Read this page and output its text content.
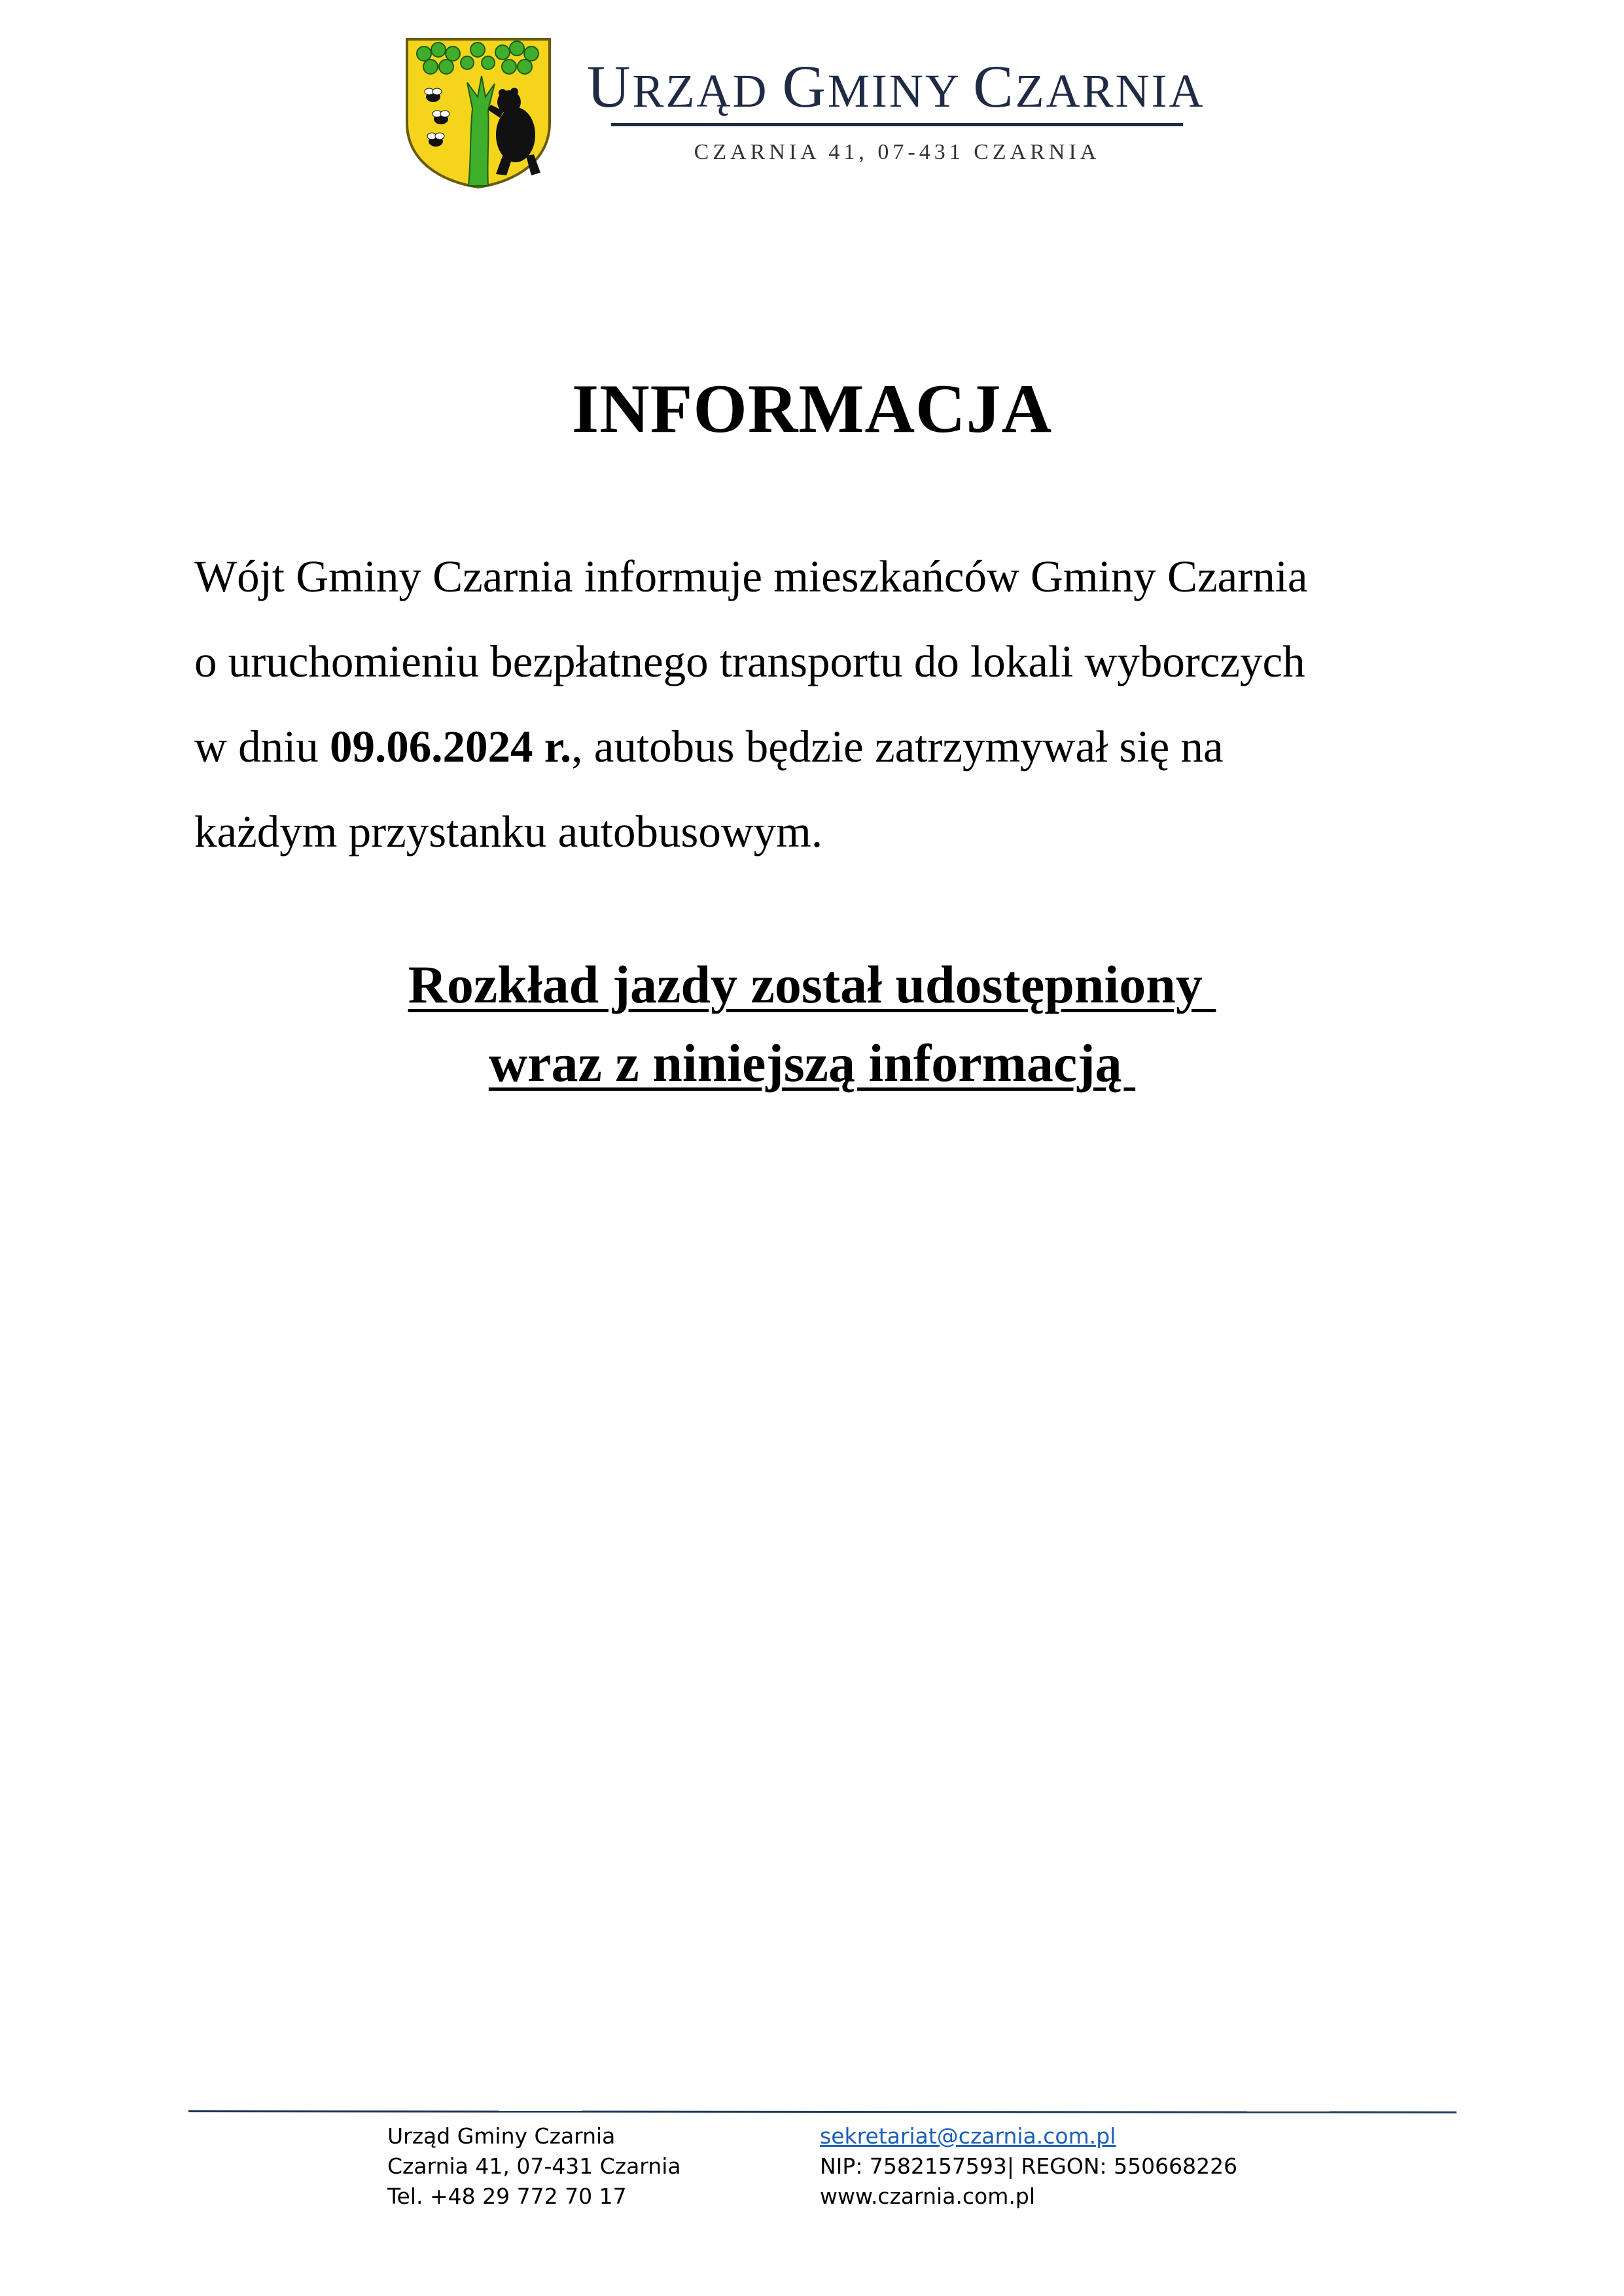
URZĄD GMINY CZARNIA
CZARNIA 41, 07-431 CZARNIA
INFORMACJA
Wójt Gminy Czarnia informuje mieszkańców Gminy Czarnia
o uruchomieniu bezpłatnego transportu do lokali wyborczych
w dniu 09.06.2024 r., autobus będzie zatrzymywał się na
każdym przystanku autobusowym.
Rozkład jazdy został udostępniony
wraz z niniejszą informacją
Urząd Gminy Czarnia
Czarnia 41, 07-431 Czarnia
Tel. +48 29 772 70 17
sekretariat@czarnia.com.pl
NIP: 7582157593| REGON: 550668226
www.czarnia.com.pl
